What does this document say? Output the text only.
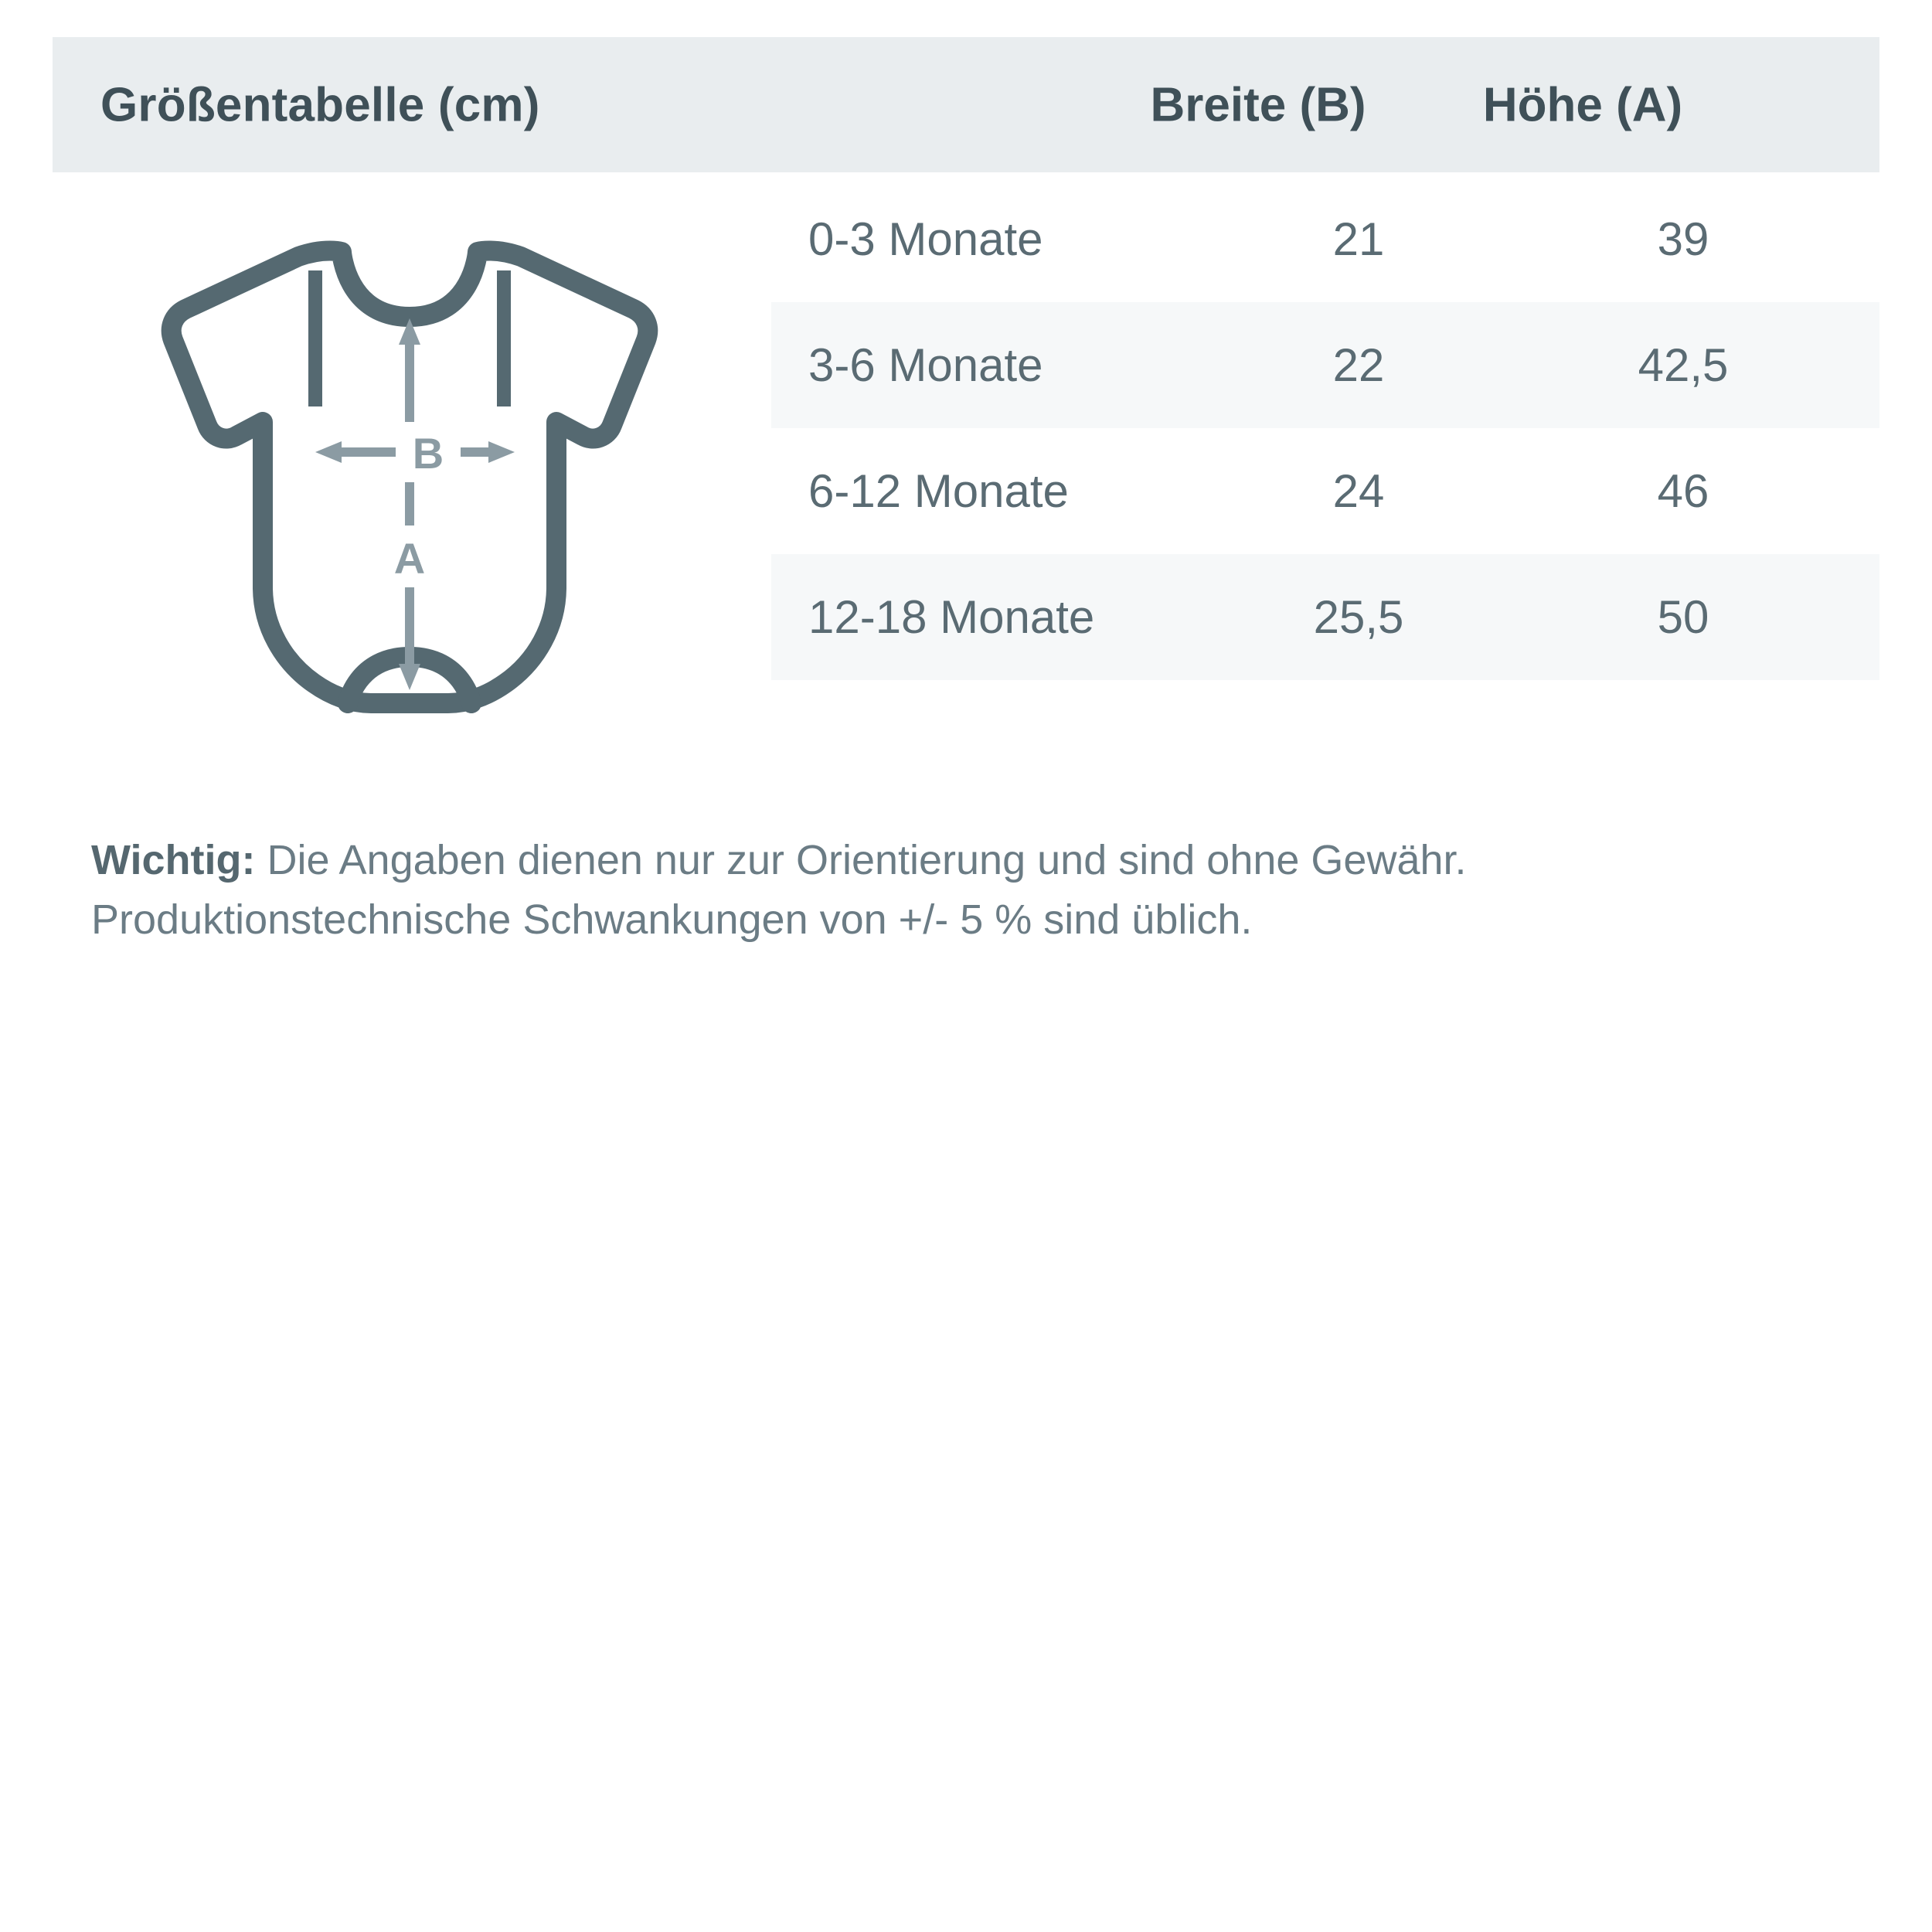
Größentabelle (cm)	Breite (B)	Höhe (A)
A
B
0-3 Monate	21	39
3-6 Monate	22	42,5
6-12 Monate	24	46
12-18 Monate	25,5	50
Wichtig: Die Angaben dienen nur zur Orientierung und sind ohne Gewähr. Produktionstechnische Schwankungen von +/- 5 % sind üblich.
